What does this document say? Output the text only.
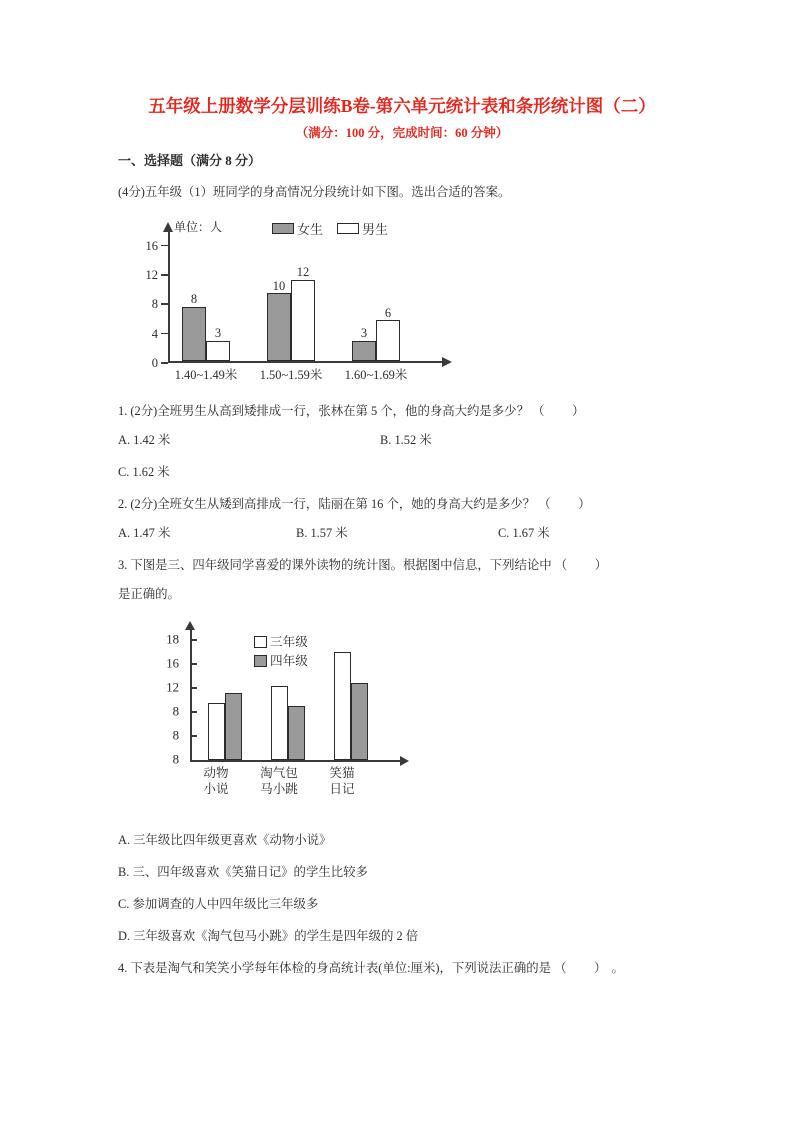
五年级上册数学分层训练B卷-第六单元统计表和条形统计图（二）
（满分：100 分，完成时间：60 分钟）
一、选择题（满分 8 分）
(4分)五年级（1）班同学的身高情况分段统计如下图。选出合适的答案。
单位：人	女生	男生
0
4
8
12
16
8
3
10
12
3
6
1.40~1.49米 1.50~1.59米 1.60~1.69米
1. (2分)全班男生从高到矮排成一行，张林在第 5 个，他的身高大约是多少？ （     ）
A. 1.42 米	B. 1.52 米
C. 1.62 米
2. (2分)全班女生从矮到高排成一行，陆丽在第 16 个，她的身高大约是多少？ （     ）
A. 1.47 米	B. 1.57 米	C. 1.67 米
3. 下图是三、四年级同学喜爱的课外读物的统计图。根据图中信息，下列结论中 （     ）
是正确的。
18
16
12
8
8
8
三年级
四年级
动物
小说
淘气包
马小跳
笑猫
日记
A. 三年级比四年级更喜欢《动物小说》
B. 三、四年级喜欢《笑猫日记》的学生比较多
C. 参加调查的人中四年级比三年级多
D. 三年级喜欢《淘气包马小跳》的学生是四年级的 2 倍
4. 下表是淘气和笑笑小学每年体检的身高统计表(单位:厘米)，下列说法正确的是 （     ） 。
